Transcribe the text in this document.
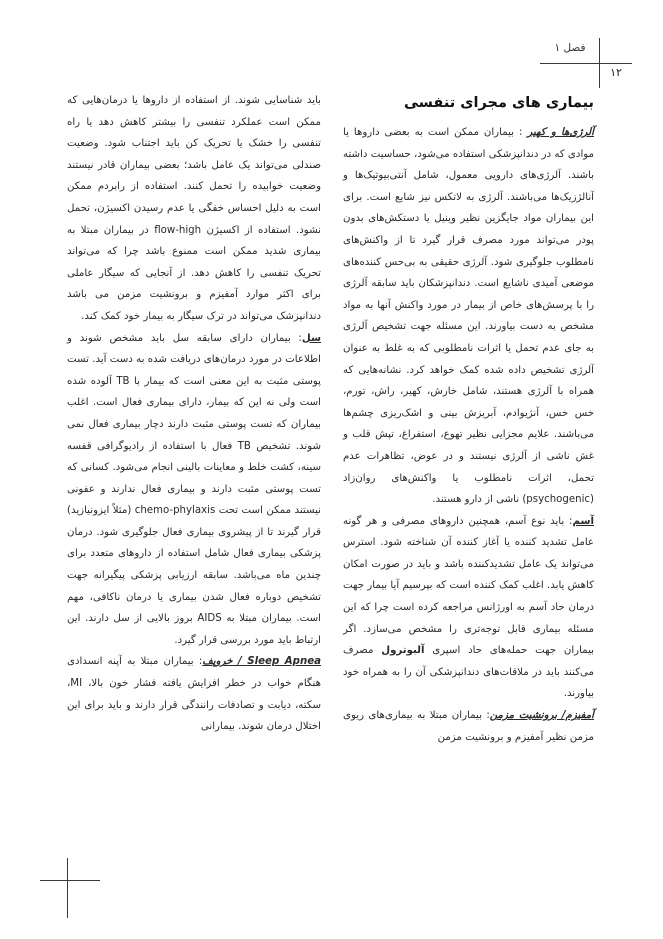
فصل ۱
۱۲
بیماری های مجرای تنفسی

آلرژی‌ها و کهیر : بیماران ممکن است به بعضی داروها یا موادی که در دندانپزشکی استفاده می‌شود، حساسیت داشته باشند. آلرژی‌های دارویی معمول، شامل آنتی‌بیوتیک‌ها و آنالژزیک‌ها می‌باشند. آلرژی به لاتکس نیز شایع است. برای این بیماران مواد جایگزین نظیر وینیل یا دستکش‌های بدون پودر می‌تواند مورد مصرف قرار گیرد تا از واکنش‌های نامطلوب جلوگیری شود. آلرژی حقیقی به بی‌حس کننده‌های موضعی آمیدی ناشایع است. دندانپزشکان باید سابقه آلرژی را با پرسش‌های خاص از بیمار در مورد واکنش آنها به مواد مشخص به دست بیاورند. این مسئله جهت تشخیص آلرژی به جای عدم تحمل یا اثرات نامطلوبی که به غلط به عنوان آلرژی تشخیص داده شده کمک خواهد کرد. نشانه‌هایی که همراه با آلرژی هستند، شامل خارش، کهیر، راش، تورم، خس خس، آنژیوادم، آبریزش بینی و اشک‌ریزی چشم‌ها می‌باشند. علایم مجزایی نظیر تهوع، استفراغ، تپش قلب و غش ناشی از آلرژی نیستند و در عوض، تظاهرات عدم تحمل، اثرات نامطلوب یا واکنش‌های روان‌زاد (psychogenic) ناشی از دارو هستند.

آسم: باید نوع آسم، همچنین داروهای مصرفی و هر گونه عامل تشدید کننده یا آغاز کننده آن شناخته شود. استرس می‌تواند یک عامل تشدیدکننده باشد و باید در صورت امکان کاهش یابد. اغلب کمک کننده است که بپرسیم آیا بیمار جهت درمان حاد آسم به اورژانس مراجعه کرده است چرا که این مسئله بیماری قابل توجه‌تری را مشخص می‌سازد. اگر بیماران جهت حمله‌های حاد اسپری آلبوترول مصرف می‌کنند باید در ملاقات‌های دندانپزشکی آن را به همراه خود بیاورند.

آمفیزم/ برونشیت مزمن: بیماران مبتلا به بیماری‌های ریوی مزمن نظیر آمفیزم و برونشیت مزمن

باید شناسایی شوند. از استفاده از داروها یا درمان‌هایی که ممکن است عملکرد تنفسی را بیشتر کاهش دهد یا راه تنفسی را خشک یا تحریک کن باید اجتناب شود. وضعیت صندلی می‌تواند یک عامل باشد؛ بعضی بیماران قادر نیستند وضعیت خوابیده را تحمل کنند. استفاده از رابردم ممکن است به دلیل احساس خفگی یا عدم رسیدن اکسیژن، تحمل نشود. استفاده از اکسیژن flow-high در بیماران مبتلا به بیماری شدید ممکن است ممنوع باشد چرا که می‌تواند تحریک تنفسی را کاهش دهد. از آنجایی که سیگار عاملی برای اکثر موارد آمفیزم و برونشیت مزمن می باشد دندانپزشک می‌تواند در ترک سیگار به بیمار خود کمک کند.

سل: بیماران دارای سابقه سل باید مشخص شوند و اطلاعات در مورد درمان‌های دریافت شده به دست آید. تست پوستی مثبت به این معنی است که بیمار با TB آلوده شده است ولی نه این که بیمار، دارای بیماری فعال است. اغلب بیماران که تست پوستی مثبت دارند دچار بیماری فعال نمی شوند. تشخیص TB فعال با استفاده از رادیوگرافی قفسه سینه، کشت خلط و معاینات بالینی انجام می‌شود. کسانی که تست پوستی مثبت دارند و بیماری فعال ندارند و عفونی نیستند ممکن است تحت chemo-phylaxis (مثلاً ایزونیازید) قرار گیرند تا از پیشروی بیماری فعال جلوگیری شود. درمان پزشکی بیماری فعال شامل استفاده از داروهای متعدد برای چندین ماه می‌باشد. سابقه ارزیابی پزشکی پیگیرانه جهت تشخیص دوباره فعال شدن بیماری یا درمان ناکافی، مهم است. بیماران مبتلا به AIDS بروز بالایی از سل دارند. این ارتباط باید مورد بررسی قرار گیرد.

Sleep Apnea / خروپف: بیماران مبتلا به آپنه انسدادی هنگام خواب در خطر افزایش یافته فشار خون بالا، MI، سکته، دیابت و تصادفات رانندگی قرار دارند و باید برای این اختلال درمان شوند. بیمارانی
